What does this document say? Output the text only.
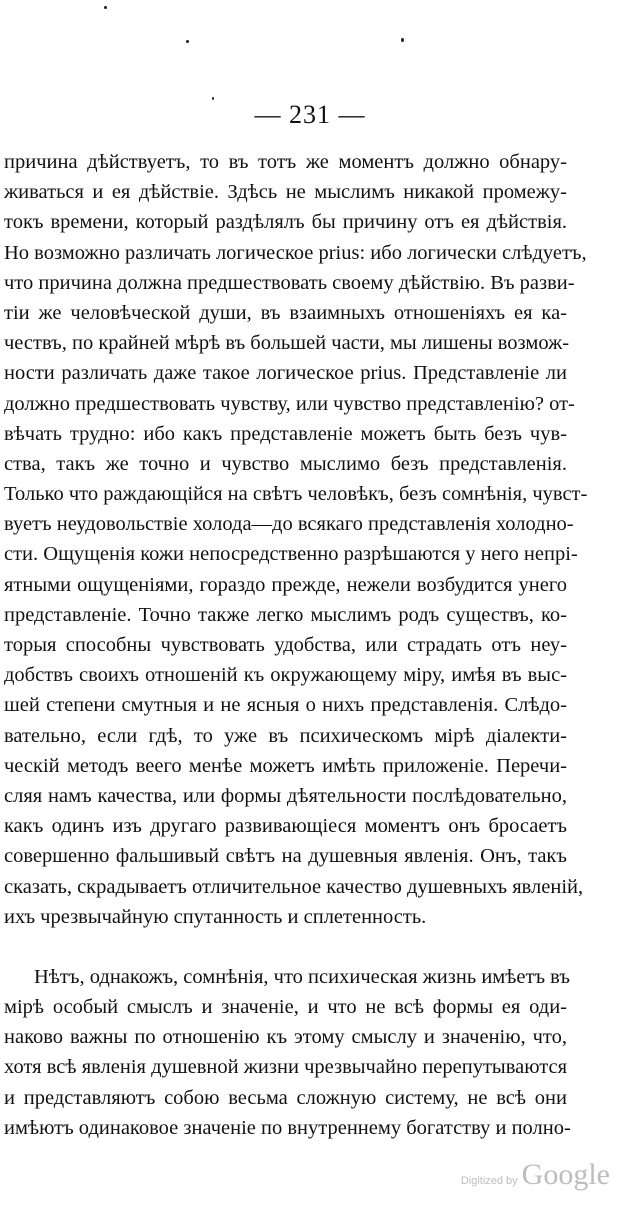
— 231 —
причина дѣйствуетъ, то въ тотъ же моментъ должно обнару-
живаться и ея дѣйствіе. Здѣсь не мыслимъ никакой промежу-
токъ времени, который раздѣлялъ бы причину отъ ея дѣйствія.
Но возможно различать логическое prius: ибо логически слѣдуетъ,
что причина должна предшествовать своему дѣйствію. Въ разви-
тіи же человѣческой души, въ взаимныхъ отношеніяхъ ея ка-
чествъ, по крайней мѣрѣ въ большей части, мы лишены возмож-
ности различать даже такое логическое prius. Представленіе ли
должно предшествовать чувству, или чувство представленію? от-
вѣчать трудно: ибо какъ представленіе можетъ быть безъ чув-
ства, такъ же точно и чувство мыслимо безъ представленія.
Только что раждающійся на свѣтъ человѣкъ, безъ сомнѣнія, чувст-
вуетъ неудовольствіе холода—до всякаго представленія холодно-
сти. Ощущенія кожи непосредственно разрѣшаются у него непрі-
ятными ощущеніями, гораздо прежде, нежели возбудится унего
представленіе. Точно также легко мыслимъ родъ существъ, ко-
торыя способны чувствовать удобства, или страдать отъ неу-
добствъ своихъ отношеній къ окружающему міру, имѣя въ выс-
шей степени смутныя и не ясныя о нихъ представленія. Слѣдо-
вательно, если гдѣ, то уже въ психическомъ мірѣ діалекти-
ческій методъ веего менѣе можетъ имѣть приложеніе. Перечи-
сляя намъ качества, или формы дѣятельности послѣдовательно,
какъ одинъ изъ другаго развивающіеся моментъ онъ бросаетъ
совершенно фальшивый свѣтъ на душевныя явленія. Онъ, такъ
сказать, скрадываетъ отличительное качество душевныхъ явленій,
ихъ чрезвычайную спутанность и сплетенность.
Нѣтъ, однакожъ, сомнѣнія, что психическая жизнь имѣетъ въ
мірѣ особый смыслъ и значеніе, и что не всѣ формы ея оди-
наково важны по отношенію къ этому смыслу и значенію, что,
хотя всѣ явленія душевной жизни чрезвычайно перепутываются
и представляютъ собою весьма сложную систему, не всѣ они
имѣютъ одинаковое значеніе по внутреннему богатству и полно-
Digitized by Google
